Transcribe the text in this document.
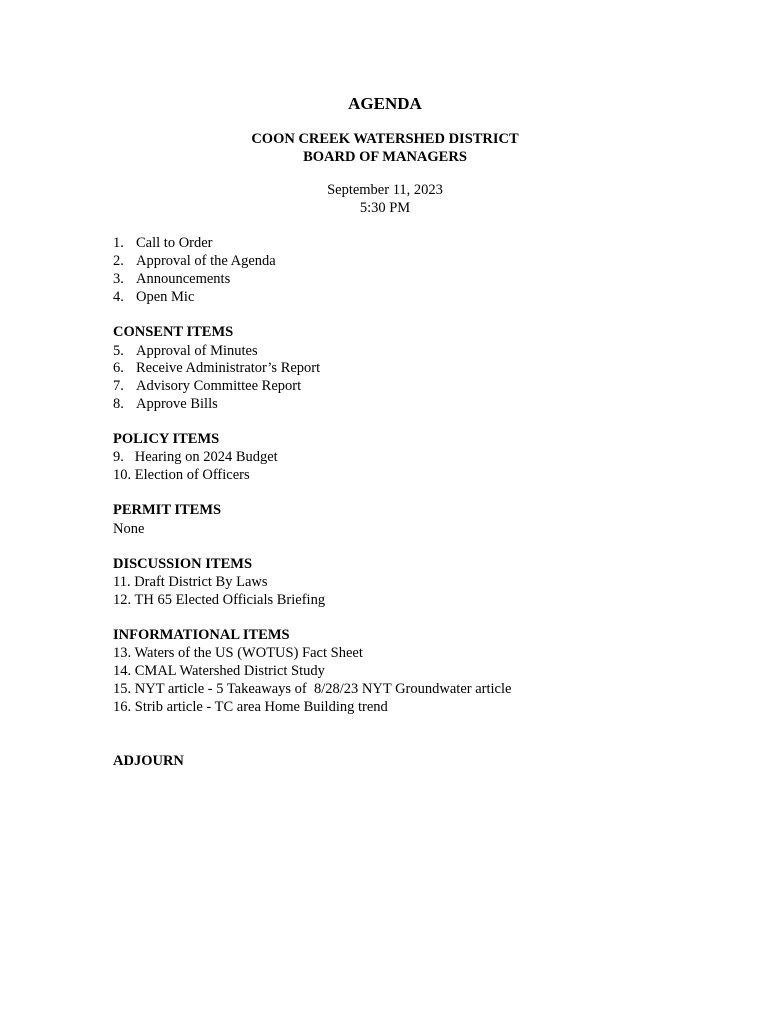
AGENDA
COON CREEK WATERSHED DISTRICT
BOARD OF MANAGERS
September 11, 2023
5:30 PM
1. Call to Order
2. Approval of the Agenda
3. Announcements
4. Open Mic
CONSENT ITEMS
5. Approval of Minutes
6. Receive Administrator’s Report
7. Advisory Committee Report
8. Approve Bills
POLICY ITEMS
9.   Hearing on 2024 Budget
10. Election of Officers
PERMIT ITEMS
None
DISCUSSION ITEMS
11. Draft District By Laws
12. TH 65 Elected Officials Briefing
INFORMATIONAL ITEMS
13. Waters of the US (WOTUS) Fact Sheet
14. CMAL Watershed District Study
15. NYT article - 5 Takeaways of  8/28/23 NYT Groundwater article
16. Strib article - TC area Home Building trend
ADJOURN
